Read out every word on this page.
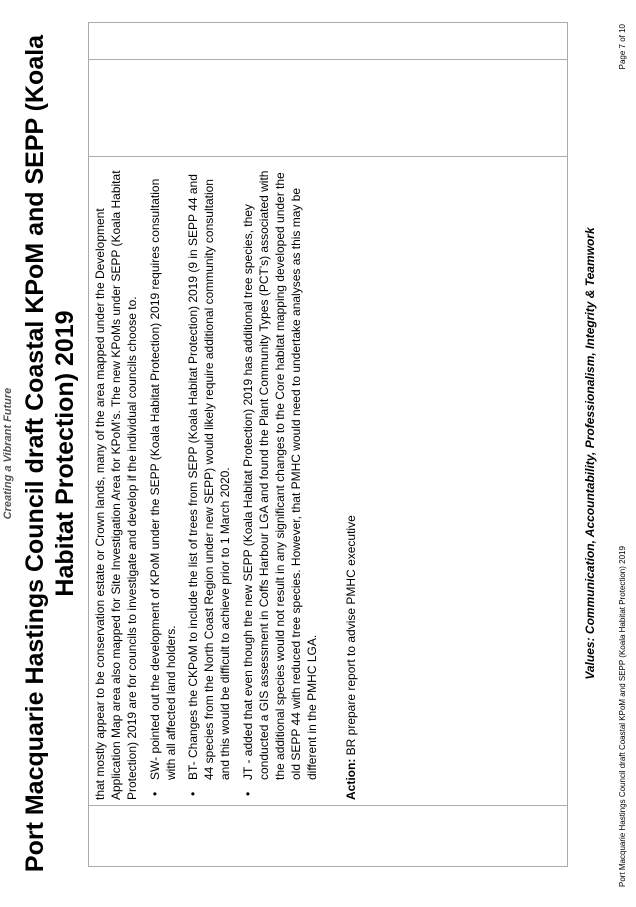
Creating a Vibrant Future Port Macquarie Hastings Council draft Coastal KPoM and SEPP (Koala Habitat Protection) 2019 that mostly appear to be conservation estate or Crown lands, many of the area mapped under the Development Application Map area also mapped for Site Investigation Area for KPoM's. The new KPoMs under SEPP (Koala Habitat Protection) 2019 are for councils to investigate and develop if the individual councils choose to. • SW- pointed out the development of KPoM under the SEPP (Koala Habitat Protection) 2019 requires consultation with all affected land holders. • BT- Changes the CKPoM to include the list of trees from SEPP (Koala Habitat Protection) 2019 (9 in SEPP 44 and 44 species from the North Coast Region under new SEPP) would likely require additional community consultation and this would be difficult to achieve prior to 1 March 2020. • JT - added that even though the new SEPP (Koala Habitat Protection) 2019 has additional tree species, they conducted a GIS assessment in Coffs Harbour LGA and found the Plant Community Types (PCT's) associated with the additional species would not result in any significant changes to the Core habitat mapping developed under the old SEPP 44 with reduced tree species. However, that PMHC would need to undertake analyses as this may be different in the PMHC LGA. Action: BR prepare report to advise PMHC executive	Values: Communication, Accountability, Professionalism, Integrity & Teamwork
Port Macquarie Hastings Council draft Coastal KPoM and SEPP (Koala Habitat Protection) 2019
Page 7 of 10
